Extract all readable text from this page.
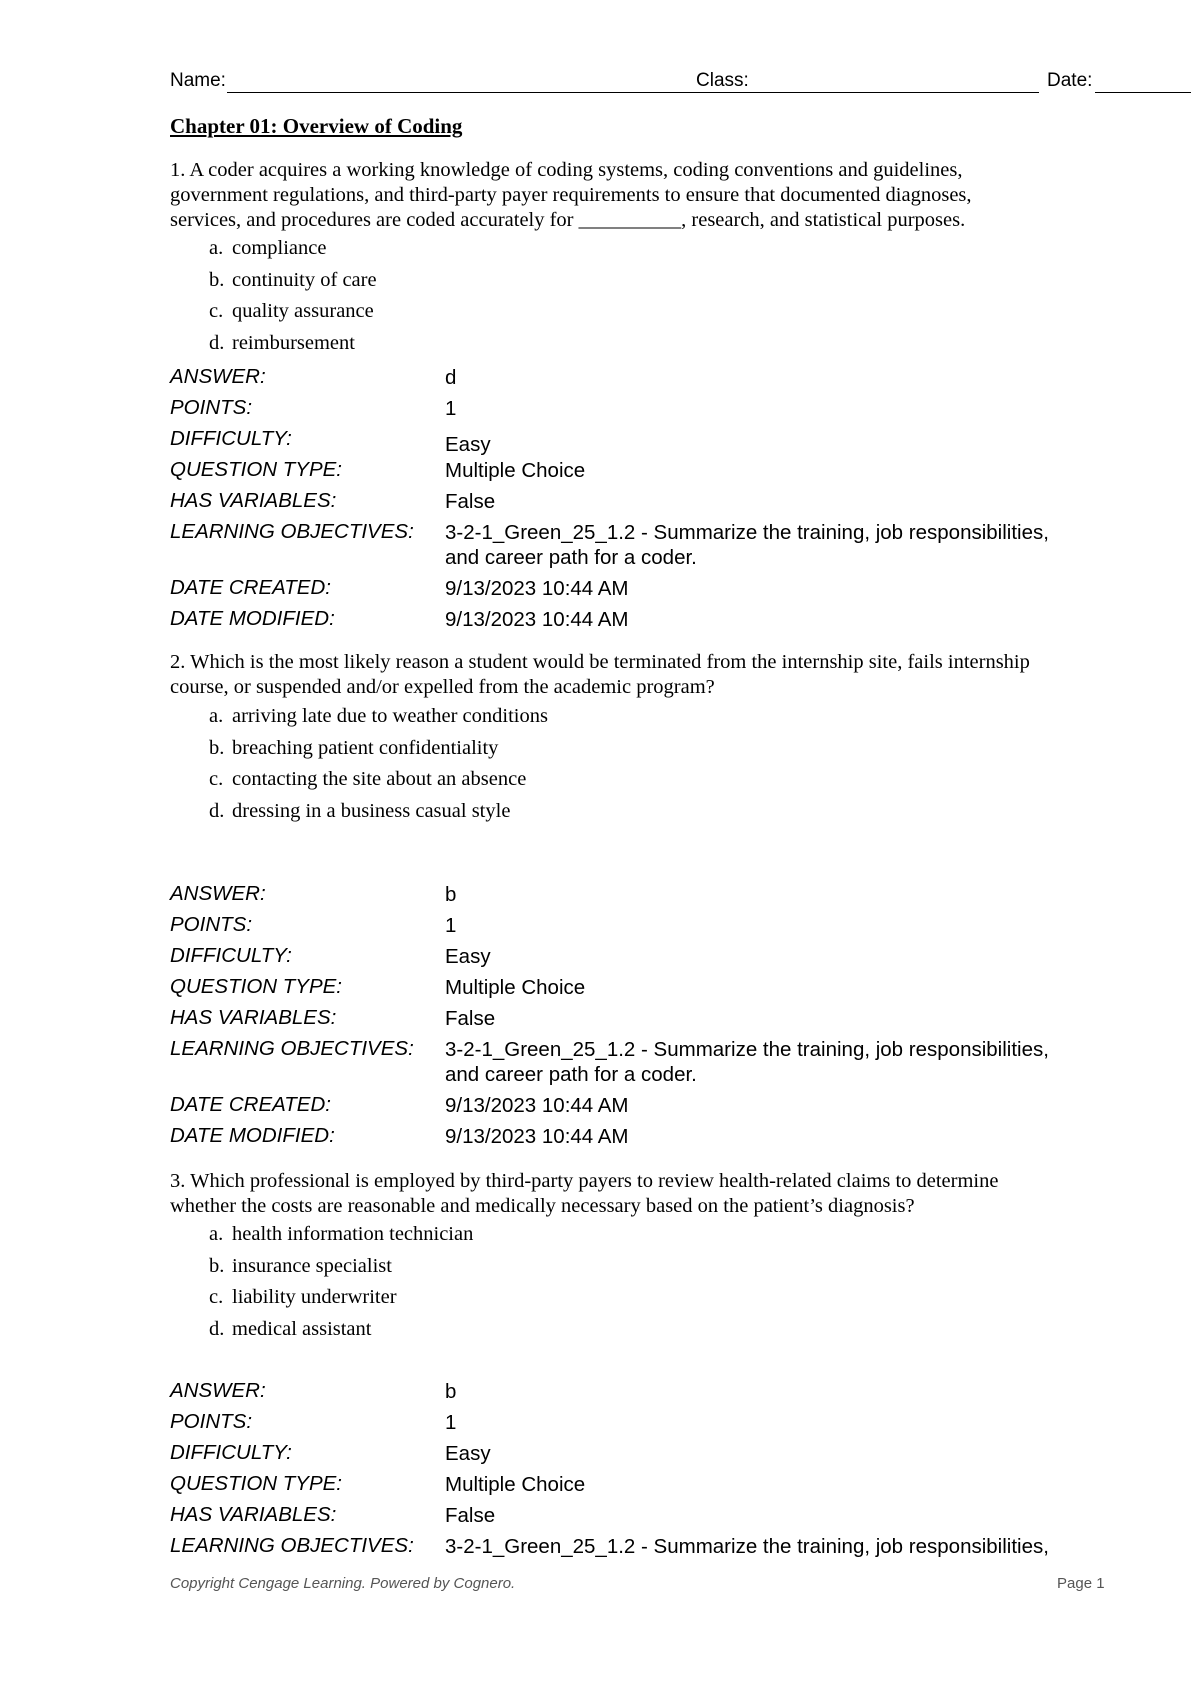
Name:	Class:	Date:
Chapter 01: Overview of Coding
1. A coder acquires a working knowledge of coding systems, coding conventions and guidelines,
government regulations, and third-party payer requirements to ensure that documented diagnoses,
services, and procedures are coded accurately for __________, research, and statistical purposes.
a. compliance
b. continuity of care
c. quality assurance
d. reimbursement
ANSWER:	d
POINTS:	1
DIFFICULTY:	Easy
QUESTION TYPE:	Multiple Choice
HAS VARIABLES:	False
LEARNING OBJECTIVES: 3-2-1_Green_25_1.2 - Summarize the training, job responsibilities,
and career path for a coder.
DATE CREATED:	9/13/2023 10:44 AM
DATE MODIFIED:	9/13/2023 10:44 AM
2. Which is the most likely reason a student would be terminated from the internship site, fails internship
course, or suspended and/or expelled from the academic program?
a. arriving late due to weather conditions
b. breaching patient confidentiality
c. contacting the site about an absence
d. dressing in a business casual style
ANSWER:	b
POINTS:	1
DIFFICULTY:	Easy
QUESTION TYPE:	Multiple Choice
HAS VARIABLES:	False
LEARNING OBJECTIVES: 3-2-1_Green_25_1.2 - Summarize the training, job responsibilities,
and career path for a coder.
DATE CREATED:	9/13/2023 10:44 AM
DATE MODIFIED:	9/13/2023 10:44 AM
3. Which professional is employed by third-party payers to review health-related claims to determine
whether the costs are reasonable and medically necessary based on the patient’s diagnosis?
a. health information technician
b. insurance specialist
c. liability underwriter
d. medical assistant
ANSWER:	b
POINTS:	1
DIFFICULTY:	Easy
QUESTION TYPE:	Multiple Choice
HAS VARIABLES:	False
LEARNING OBJECTIVES: 3-2-1_Green_25_1.2 - Summarize the training, job responsibilities,
Copyright Cengage Learning. Powered by Cognero.	Page 1
